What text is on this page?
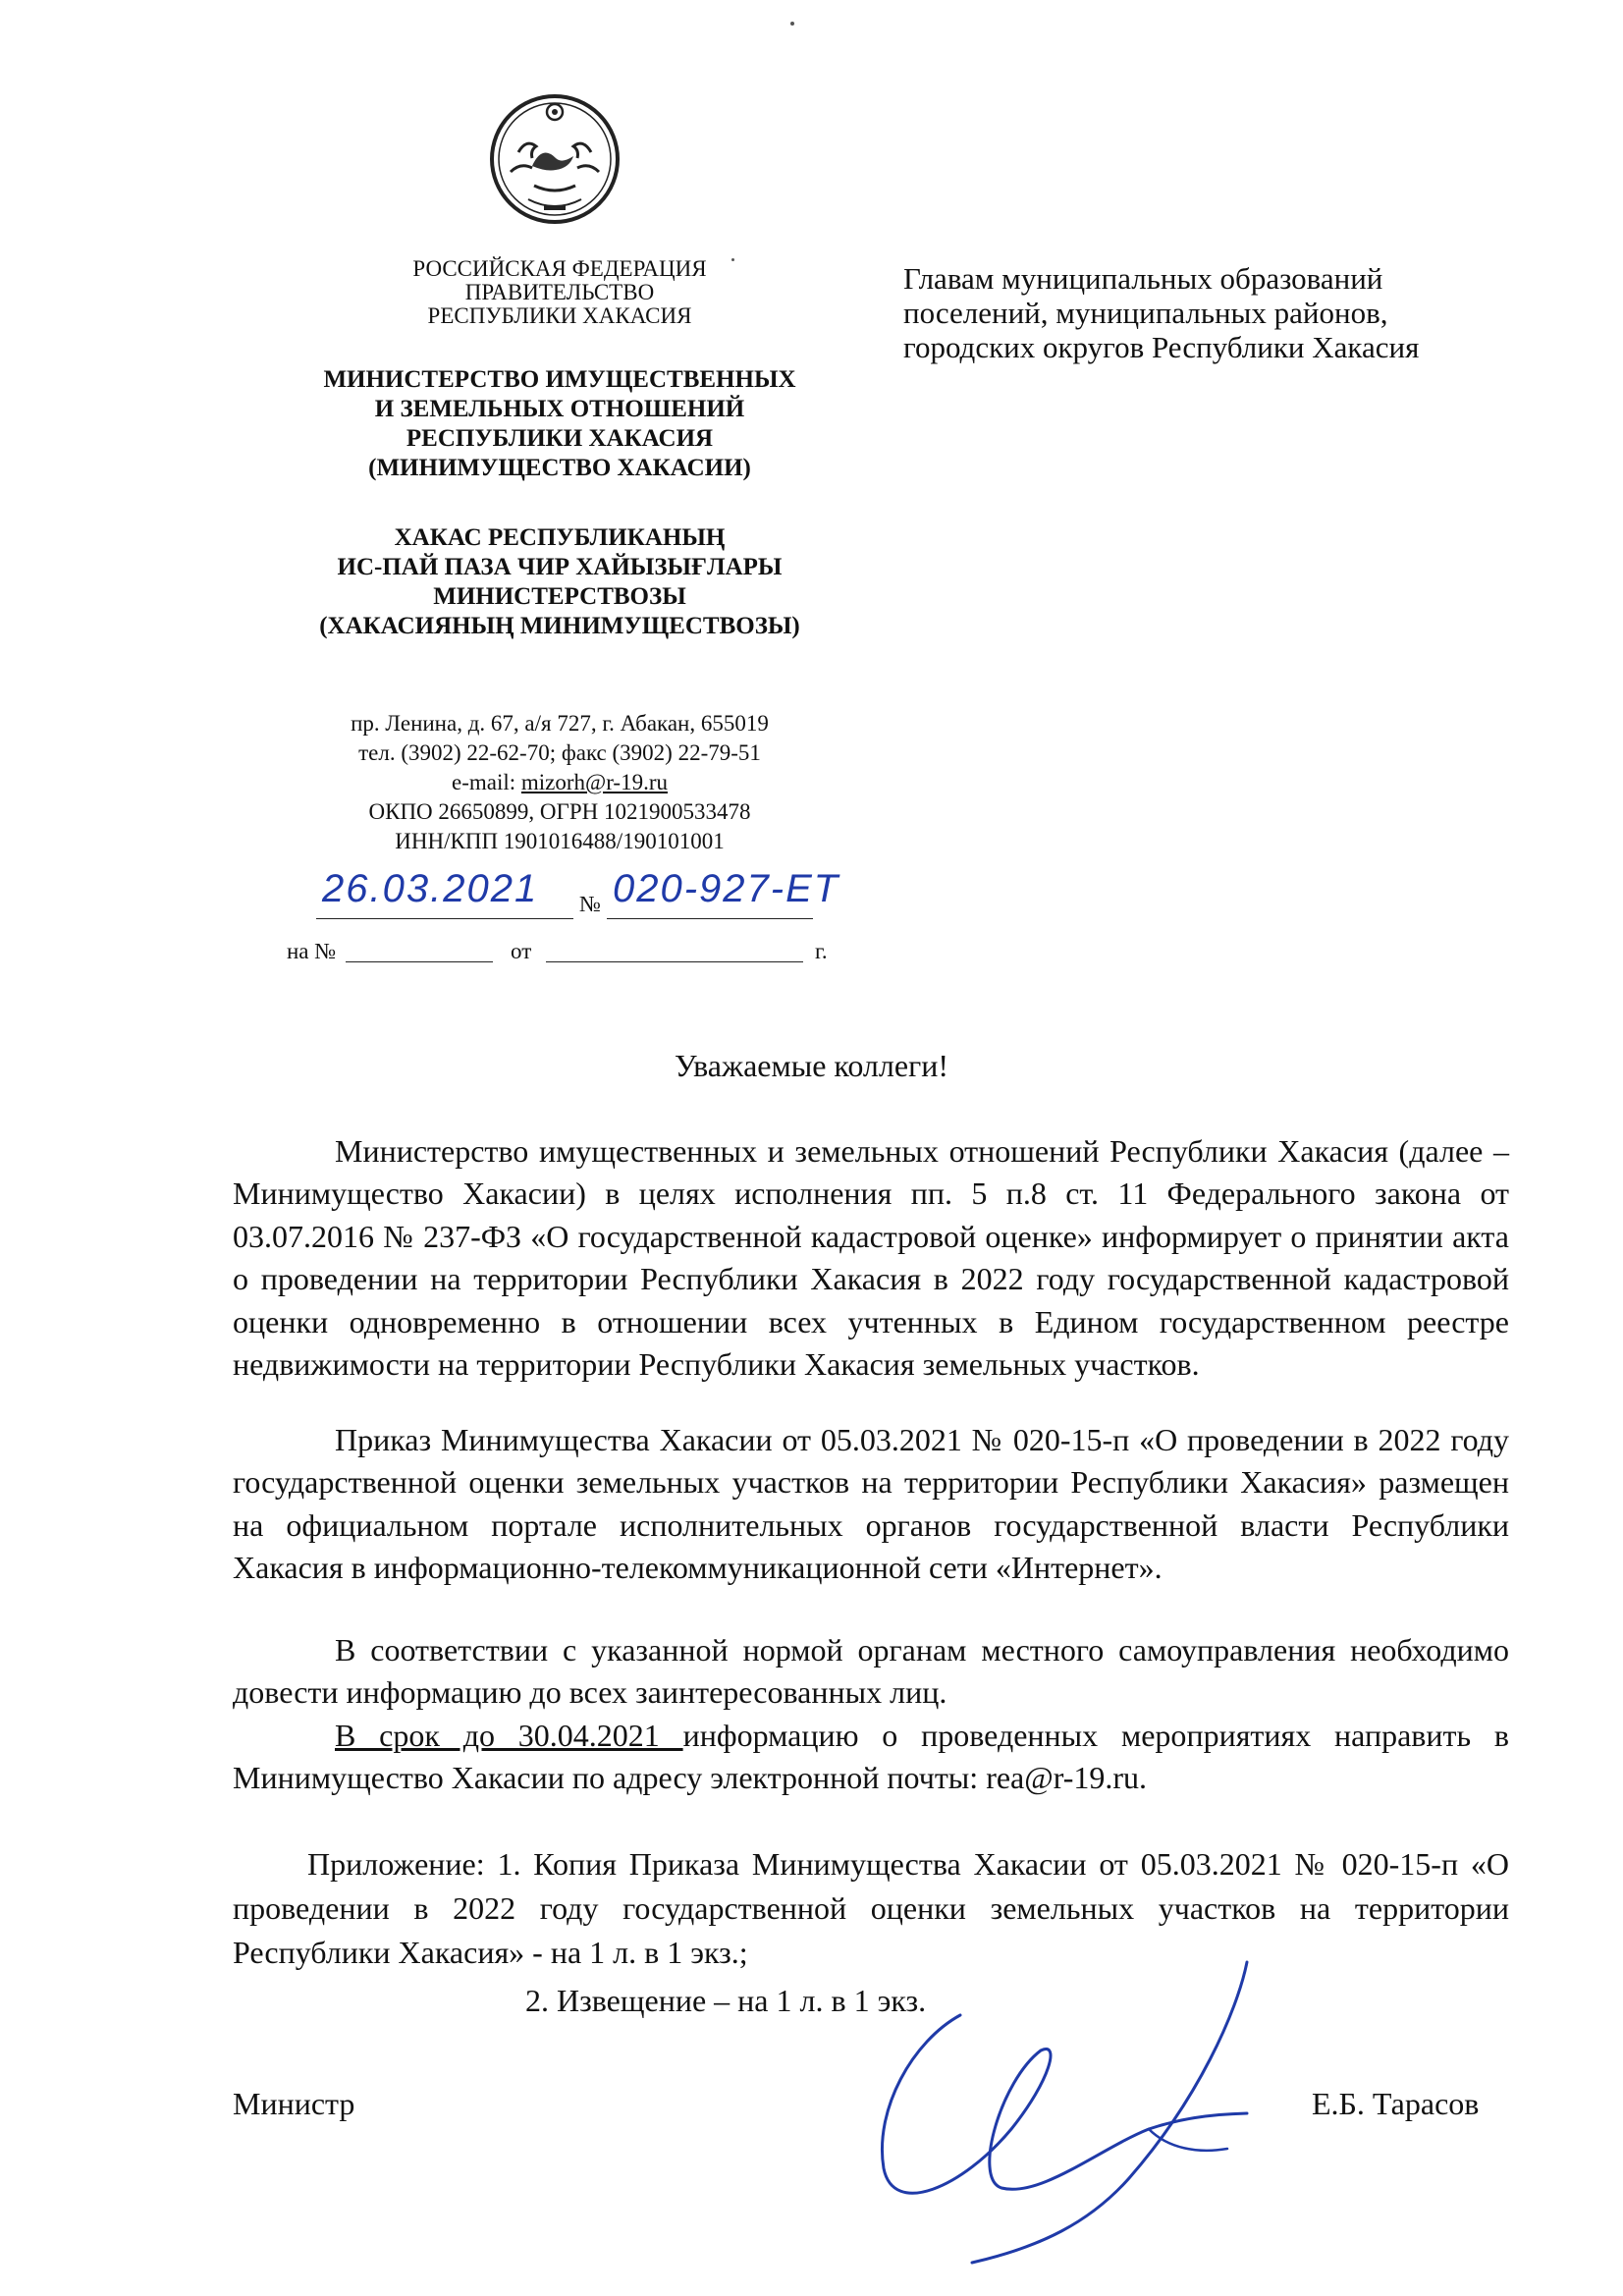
РОССИЙСКАЯ ФЕДЕРАЦИЯ
ПРАВИТЕЛЬСТВО
РЕСПУБЛИКИ ХАКАСИЯ
МИНИСТЕРСТВО ИМУЩЕСТВЕННЫХ
И ЗЕМЕЛЬНЫХ ОТНОШЕНИЙ
РЕСПУБЛИКИ ХАКАСИЯ
(МИНИМУЩЕСТВО ХАКАСИИ)
ХАКАС РЕСПУБЛИКАНЫҢ
ИС-ПАЙ ПАЗА ЧИР ХАЙЫЗЫҒЛАРЫ
МИНИСТЕРСТВОЗЫ
(ХАКАСИЯНЫҢ МИНИМУЩЕСТВОЗЫ)
пр. Ленина, д. 67, а/я 727, г. Абакан, 655019
тел. (3902) 22-62-70; факс (3902) 22-79-51
e-mail: mizorh@r-19.ru
ОКПО 26650899, ОГРН 1021900533478
ИНН/КПП 1901016488/190101001
26.03.2021 № 020-927-ЕТ
на №	от	г.
Главам муниципальных образований
поселений, муниципальных районов,
городских округов Республики Хакасия
Уважаемые коллеги!

Министерство имущественных и земельных отношений Республики Хакасия (далее – Минимущество Хакасии) в целях исполнения пп. 5 п.8 ст. 11 Федерального закона от 03.07.2016 № 237-ФЗ «О государственной кадастровой оценке» информирует о принятии акта о проведении на территории Республики Хакасия в 2022 году государственной кадастровой оценки одновременно в отношении всех учтенных в Едином государственном реестре недвижимости на территории Республики Хакасия земельных участков.

Приказ Минимущества Хакасии от 05.03.2021 № 020-15-п «О проведении в 2022 году государственной оценки земельных участков на территории Республики Хакасия» размещен на официальном портале исполнительных органов государственной власти Республики Хакасия в информационно-телекоммуникационной сети «Интернет».

В соответствии с указанной нормой органам местного самоуправления необходимо довести информацию до всех заинтересованных лиц.

В срок до 30.04.2021 информацию о проведенных мероприятиях направить в Минимущество Хакасии по адресу электронной почты: rea@r-19.ru.

Приложение: 1. Копия Приказа Минимущества Хакасии от 05.03.2021 № 020-15-п «О проведении в 2022 году государственной оценки земельных участков на территории Республики Хакасия» - на 1 л. в 1 экз.;

2. Извещение – на 1 л. в 1 экз.
Министр	Е.Б. Тарасов
